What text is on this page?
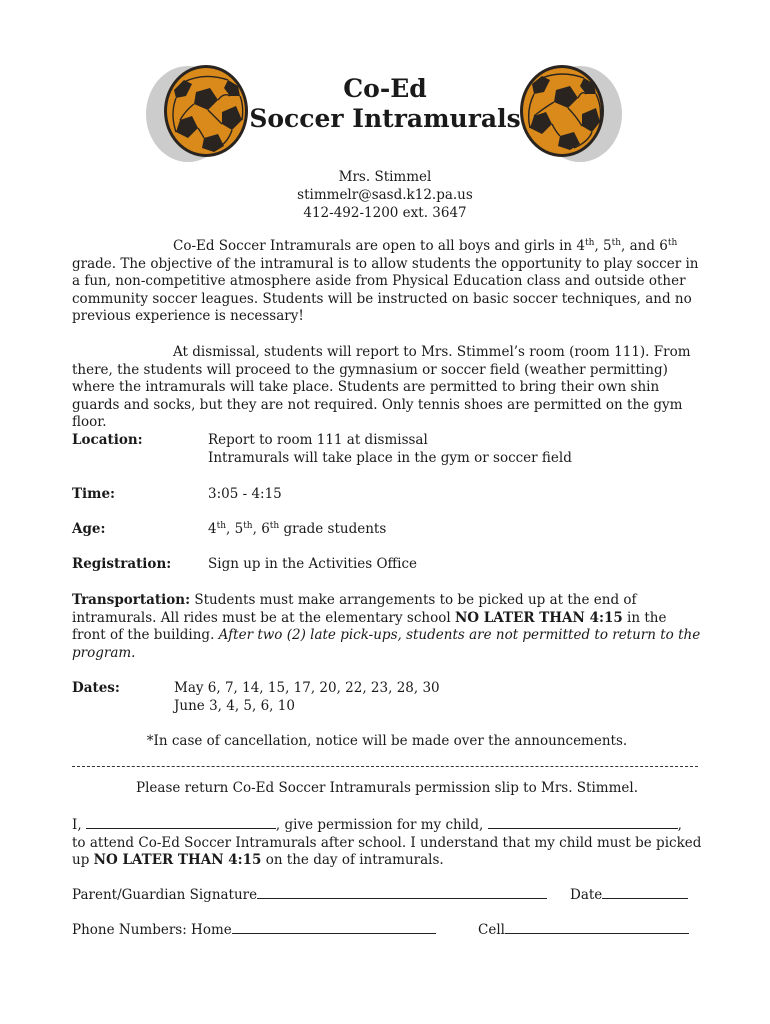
Co-Ed
Soccer Intramurals
Mrs. Stimmel
stimmelr@sasd.k12.pa.us
412-492-1200 ext. 3647

Co-Ed Soccer Intramurals are open to all boys and girls in 4th, 5th, and 6th grade. The objective of the intramural is to allow students the opportunity to play soccer in a fun, non-competitive atmosphere aside from Physical Education class and outside other community soccer leagues. Students will be instructed on basic soccer techniques, and no previous experience is necessary!

At dismissal, students will report to Mrs. Stimmel’s room (room 111). From there, the students will proceed to the gymnasium or soccer field (weather permitting) where the intramurals will take place. Students are permitted to bring their own shin guards and socks, but they are not required. Only tennis shoes are permitted on the gym floor.

Location:	Report to room 111 at dismissal
Intramurals will take place in the gym or soccer field
Time:	3:05 - 4:15
Age:	4th, 5th, 6th grade students
Registration:	Sign up in the Activities Office

Transportation: Students must make arrangements to be picked up at the end of intramurals. All rides must be at the elementary school NO LATER THAN 4:15 in the front of the building. After two (2) late pick-ups, students are not permitted to return to the program.

Dates:	May 6, 7, 14, 15, 17, 20, 22, 23, 28, 30
June 3, 4, 5, 6, 10
*In case of cancellation, notice will be made over the announcements.
Please return Co-Ed Soccer Intramurals permission slip to Mrs. Stimmel.

I,	, give permission for my child,	,
to attend Co-Ed Soccer Intramurals after school. I understand that my child must be picked
up NO LATER THAN 4:15 on the day of intramurals.

Parent/Guardian Signature	Date
Phone Numbers: Home	Cell
